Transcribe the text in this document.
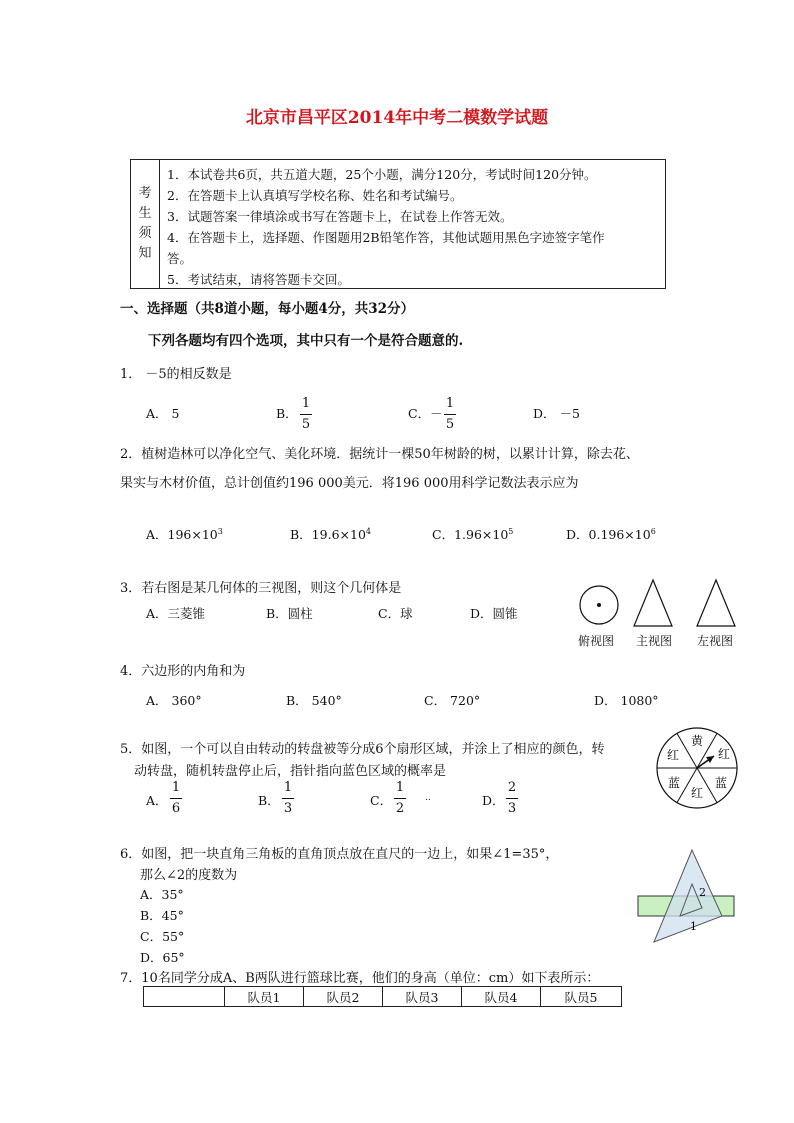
北京市昌平区2014年中考二模数学试题
考
生
须
知
1．本试卷共6页，共五道大题，25个小题，满分120分，考试时间120分钟。
2．在答题卡上认真填写学校名称、姓名和考试编号。
3．试题答案一律填涂或书写在答题卡上，在试卷上作答无效。
4．在答题卡上，选择题、作图题用2B铅笔作答，其他试题用黑色字迹签字笔作
答。
5．考试结束，请将答题卡交回。
一、选择题（共8道小题，每小题4分，共32分）
下列各题均有四个选项，其中只有一个是符合题意的.
1． －5的相反数是
A． 5	B．
1
5
C．－
1
5
D． －5
2．植树造林可以净化空气、美化环境．据统计一棵50年树龄的树，以累计计算，除去花、
果实与木材价值，总计创值约196 000美元．将196 000用科学记数法表示应为
A．$196\times 10^3$	B．$19.6\times 10^4$	C．$1.96\times 10^5$	D．$0.196\times 10^6$
3．若右图是某几何体的三视图，则这个几何体是
A．三菱锥	B．圆柱	C．球	D．圆锥
俯视图 主视图 左视图
4．六边形的内角和为
A． 360°	B． 540°	C． 720°	D． 1080°
5．如图，一个可以自由转动的转盘被等分成6个扇形区域，并涂上了相应的颜色，转
动转盘，随机转盘停止后，指针指向蓝色区域的概率是
A．
1
6
B．
1
3
C．
1
2
..	D．
2
3
黄
红
蓝
红
蓝
红
6．如图，把一块直角三角板的直角顶点放在直尺的一边上，如果∠1=35°，
那么∠2的度数为
A．35°
B．45°
C．55°
D．65°
2
1
7．10名同学分成A、B两队进行篮球比赛，他们的身高（单位：cm）如下表所示：
	队员1	队员2	队员3	队员4	队员5
